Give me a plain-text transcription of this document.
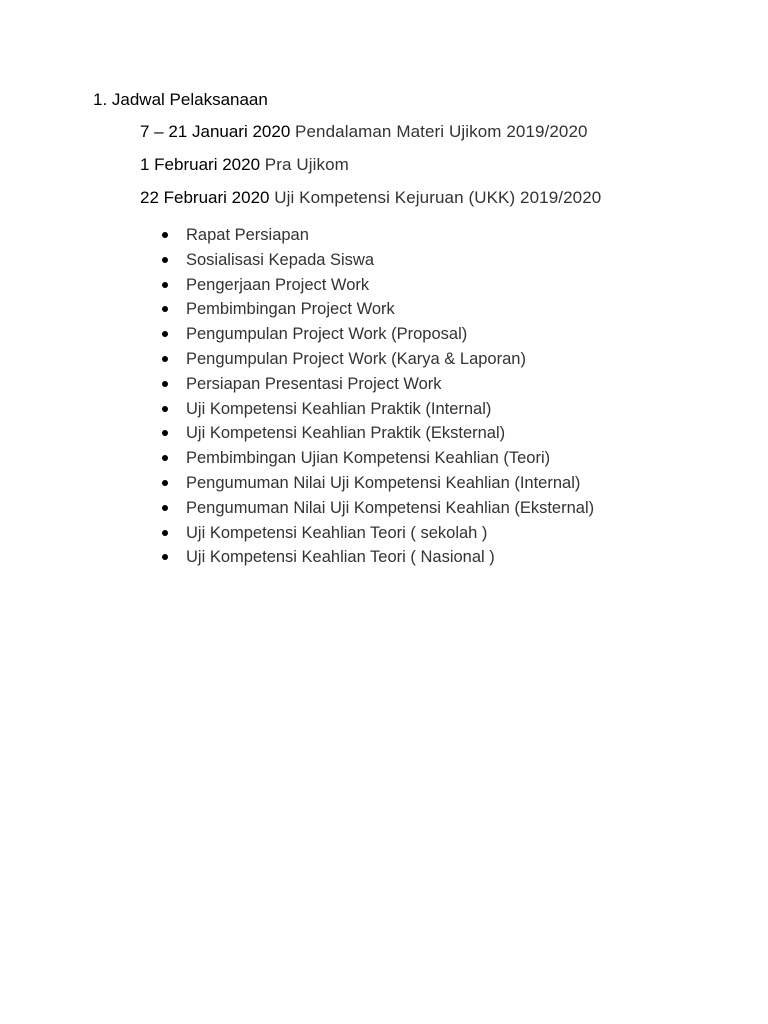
1. Jadwal Pelaksanaan
7 – 21 Januari 2020 Pendalaman Materi Ujikom 2019/2020
1 Februari 2020 Pra Ujikom
22 Februari 2020 Uji Kompetensi Kejuruan (UKK) 2019/2020
Rapat Persiapan
Sosialisasi Kepada Siswa
Pengerjaan Project Work
Pembimbingan Project Work
Pengumpulan Project Work (Proposal)
Pengumpulan Project Work (Karya & Laporan)
Persiapan Presentasi Project Work
Uji Kompetensi Keahlian Praktik (Internal)
Uji Kompetensi Keahlian Praktik (Eksternal)
Pembimbingan Ujian Kompetensi Keahlian (Teori)
Pengumuman Nilai Uji Kompetensi Keahlian (Internal)
Pengumuman Nilai Uji Kompetensi Keahlian (Eksternal)
Uji Kompetensi Keahlian Teori ( sekolah )
Uji Kompetensi Keahlian Teori ( Nasional )
